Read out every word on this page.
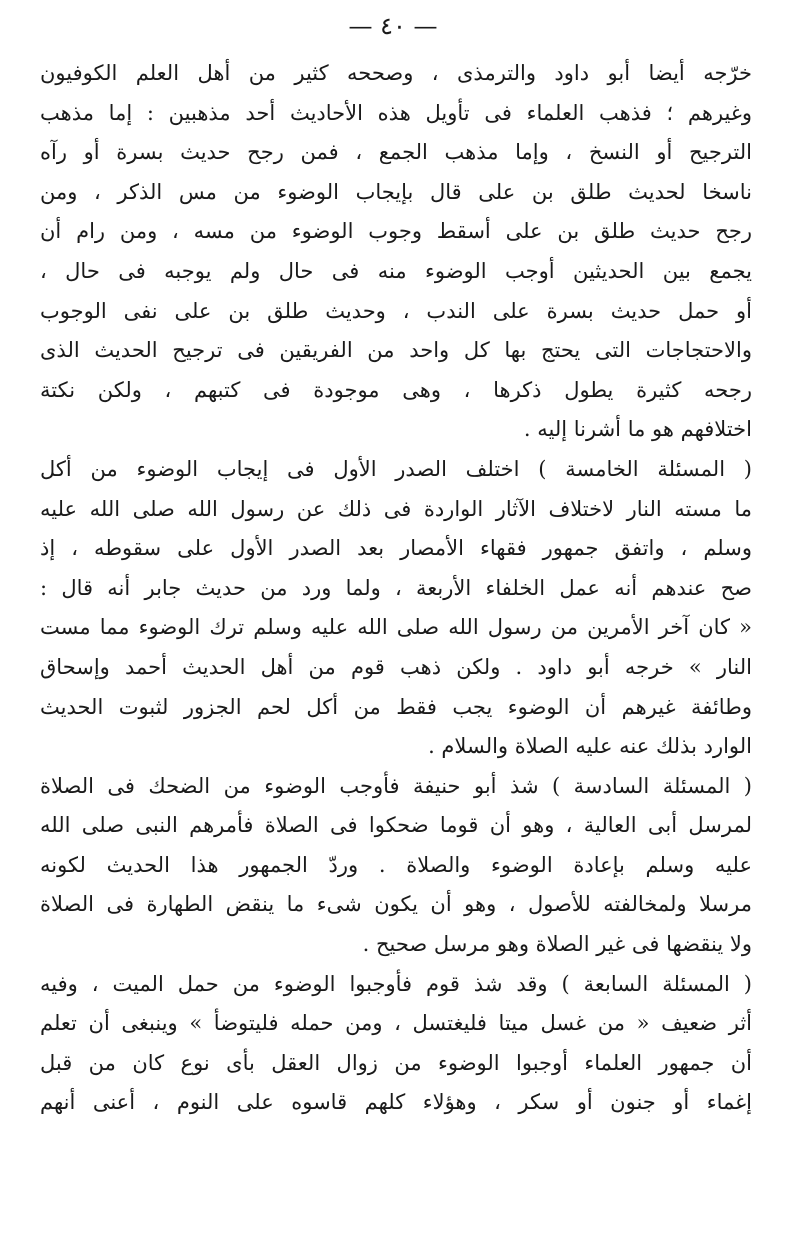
— ٤٠ —
خرّجه أيضا أبو داود والترمذى ، وصححه كثير من أهل العلم الكوفيون
وغيرهم ؛ فذهب العلماء فى تأويل هذه الأحاديث أحد مذهبين : إما مذهب
الترجيح أو النسخ ، وإما مذهب الجمع ، فمن رجح حديث بسرة أو رآه
ناسخا لحديث طلق بن على قال بإيجاب الوضوء من مس الذكر ، ومن
رجح حديث طلق بن على أسقط وجوب الوضوء من مسه ، ومن رام أن
يجمع بين الحديثين أوجب الوضوء منه فى حال ولم يوجبه فى حال ،
أو حمل حديث بسرة على الندب ، وحديث طلق بن على نفى الوجوب
والاحتجاجات التى يحتج بها كل واحد من الفريقين فى ترجيح الحديث الذى
رجحه كثيرة يطول ذكرها ، وهى موجودة فى كتبهم ، ولكن نكتة
اختلافهم هو ما أشرنا إليه .
( المسئلة الخامسة ) اختلف الصدر الأول فى إيجاب الوضوء من أكل
ما مسته النار لاختلاف الآثار الواردة فى ذلك عن رسول الله صلى الله عليه
وسلم ، واتفق جمهور فقهاء الأمصار بعد الصدر الأول على سقوطه ، إذ
صح عندهم أنه عمل الخلفاء الأربعة ، ولما ورد من حديث جابر أنه قال :
« كان آخر الأمرين من رسول الله صلى الله عليه وسلم ترك الوضوء مما مست
النار » خرجه أبو داود . ولكن ذهب قوم من أهل الحديث أحمد وإسحاق
وطائفة غيرهم أن الوضوء يجب فقط من أكل لحم الجزور لثبوت الحديث
الوارد بذلك عنه عليه الصلاة والسلام .
( المسئلة السادسة ) شذ أبو حنيفة فأوجب الوضوء من الضحك فى الصلاة
لمرسل أبى العالية ، وهو أن قوما ضحكوا فى الصلاة فأمرهم النبى صلى الله
عليه وسلم بإعادة الوضوء والصلاة . وردّ الجمهور هذا الحديث لكونه
مرسلا ولمخالفته للأصول ، وهو أن يكون شىء ما ينقض الطهارة فى الصلاة
ولا ينقضها فى غير الصلاة وهو مرسل صحيح .
( المسئلة السابعة ) وقد شذ قوم فأوجبوا الوضوء من حمل الميت ، وفيه
أثر ضعيف « من غسل ميتا فليغتسل ، ومن حمله فليتوضأ » وينبغى أن تعلم
أن جمهور العلماء أوجبوا الوضوء من زوال العقل بأى نوع كان من قبل
إغماء أو جنون أو سكر ، وهؤلاء كلهم قاسوه على النوم ، أعنى أنهم
